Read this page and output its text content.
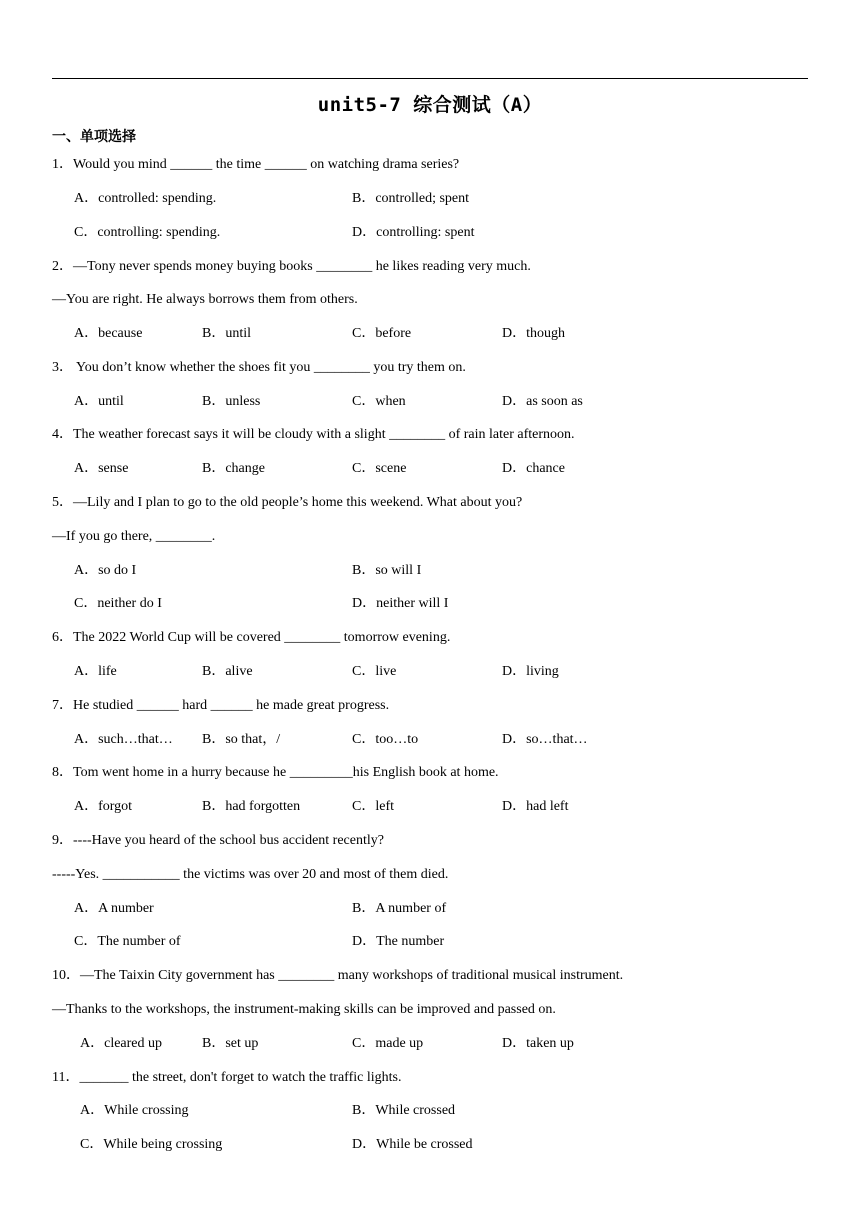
unit5-7 综合测试（A）
一、单项选择
1．Would you mind ______ the time ______ on watching drama series?
A．controlled: spending.	B．controlled; spent
C．controlling: spending.	D．controlling: spent
2．—Tony never spends money buying books ________ he likes reading very much.
—You are right. He always borrows them from others.
A．because	B．until	C．before	D．though
3． You don’t know whether the shoes fit you ________ you try them on.
A．until	B．unless	C．when	D．as soon as
4．The weather forecast says it will be cloudy with a slight ________ of rain later afternoon.
A．sense	B．change	C．scene	D．chance
5．—Lily and I plan to go to the old people’s home this weekend. What about you?
—If you go there, ________.
A．so do I	B．so will I
C．neither do I	D．neither will I
6．The 2022 World Cup will be covered ________ tomorrow evening.
A．life	B．alive	C．live	D．living
7．He studied ______ hard ______ he made great progress.
A．such…that… B．so that，/	C．too…to	D．so…that…
8．Tom went home in a hurry because he _________his English book at home.
A．forgot	B．had forgotten	C．left	D．had left
9．----Have you heard of the school bus accident recently?
-----Yes. ___________ the victims was over 20 and most of them died.
A．A number	B．A number of
C．The number of	D．The number
10．—The Taixin City government has ________ many workshops of traditional musical instrument.
—Thanks to the workshops, the instrument-making skills can be improved and passed on.
A．cleared up	B．set up	C．made up	D．taken up
11．_______ the street, don't forget to watch the traffic lights.
A．While crossing	B．While crossed
C．While being crossing	D．While be crossed
